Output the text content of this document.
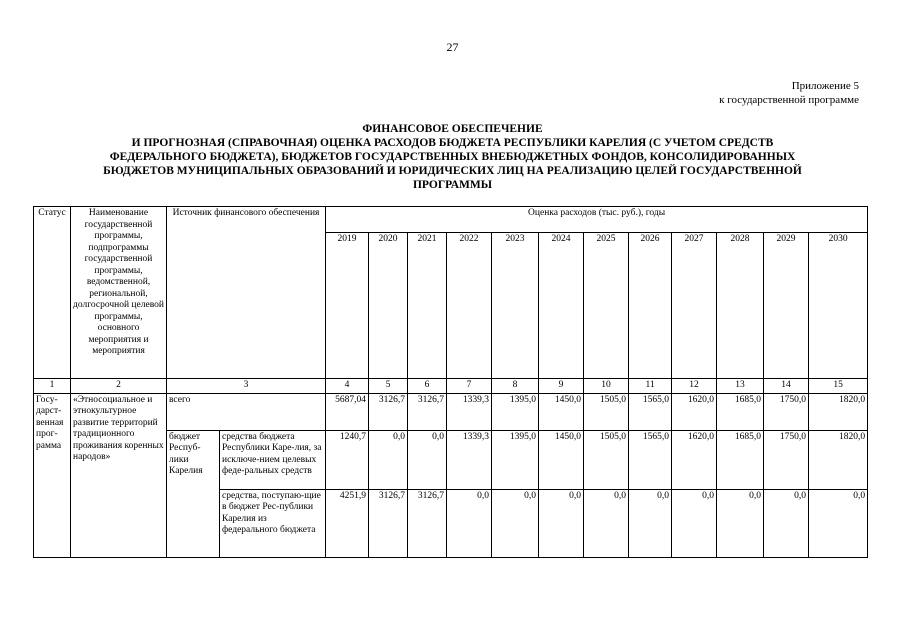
27
Приложение 5
к государственной программе
ФИНАНСОВОЕ ОБЕСПЕЧЕНИЕ
И ПРОГНОЗНАЯ (СПРАВОЧНАЯ) ОЦЕНКА РАСХОДОВ БЮДЖЕТА РЕСПУБЛИКИ КАРЕЛИЯ (С УЧЕТОМ СРЕДСТВ
ФЕДЕРАЛЬНОГО БЮДЖЕТА), БЮДЖЕТОВ ГОСУДАРСТВЕННЫХ ВНЕБЮДЖЕТНЫХ ФОНДОВ, КОНСОЛИДИРОВАННЫХ
БЮДЖЕТОВ МУНИЦИПАЛЬНЫХ ОБРАЗОВАНИЙ И ЮРИДИЧЕСКИХ ЛИЦ НА РЕАЛИЗАЦИЮ ЦЕЛЕЙ ГОСУДАРСТВЕННОЙ
ПРОГРАММЫ
Статус	Наименование государственной программы, подпрограммы государственной программы, ведомственной, региональной, долгосрочной целевой программы, основного мероприятия и мероприятия	Источник финансового обеспечения		Оценка расходов (тыс. руб.), годы											
				2019	2020	2021	2022	2023	2024	2025	2026	2027	2028	2029	2030
1	2	3		4	5	6	7	8	9	10	11	12	13	14	15
Госу-дарст-венная прог-рамма	«Этносоциальное и этнокультурное развитие территорий традиционного проживания коренных народов»	всего		5687,04	3126,7	3126,7	1339,3	1395,0	1450,0	1505,0	1565,0	1620,0	1685,0	1750,0	1820,0
		бюджет Респуб-лики Карелия	средства бюджета Республики Каре-лия, за исключе-нием целевых феде-ральных средств	1240,7	0,0	0,0	1339,3	1395,0	1450,0	1505,0	1565,0	1620,0	1685,0	1750,0	1820,0
			средства, поступаю-щие в бюджет Рес-публики Карелия из федерального бюджета	4251,9	3126,7	3126,7	0,0	0,0	0,0	0,0	0,0	0,0	0,0	0,0	0,0
